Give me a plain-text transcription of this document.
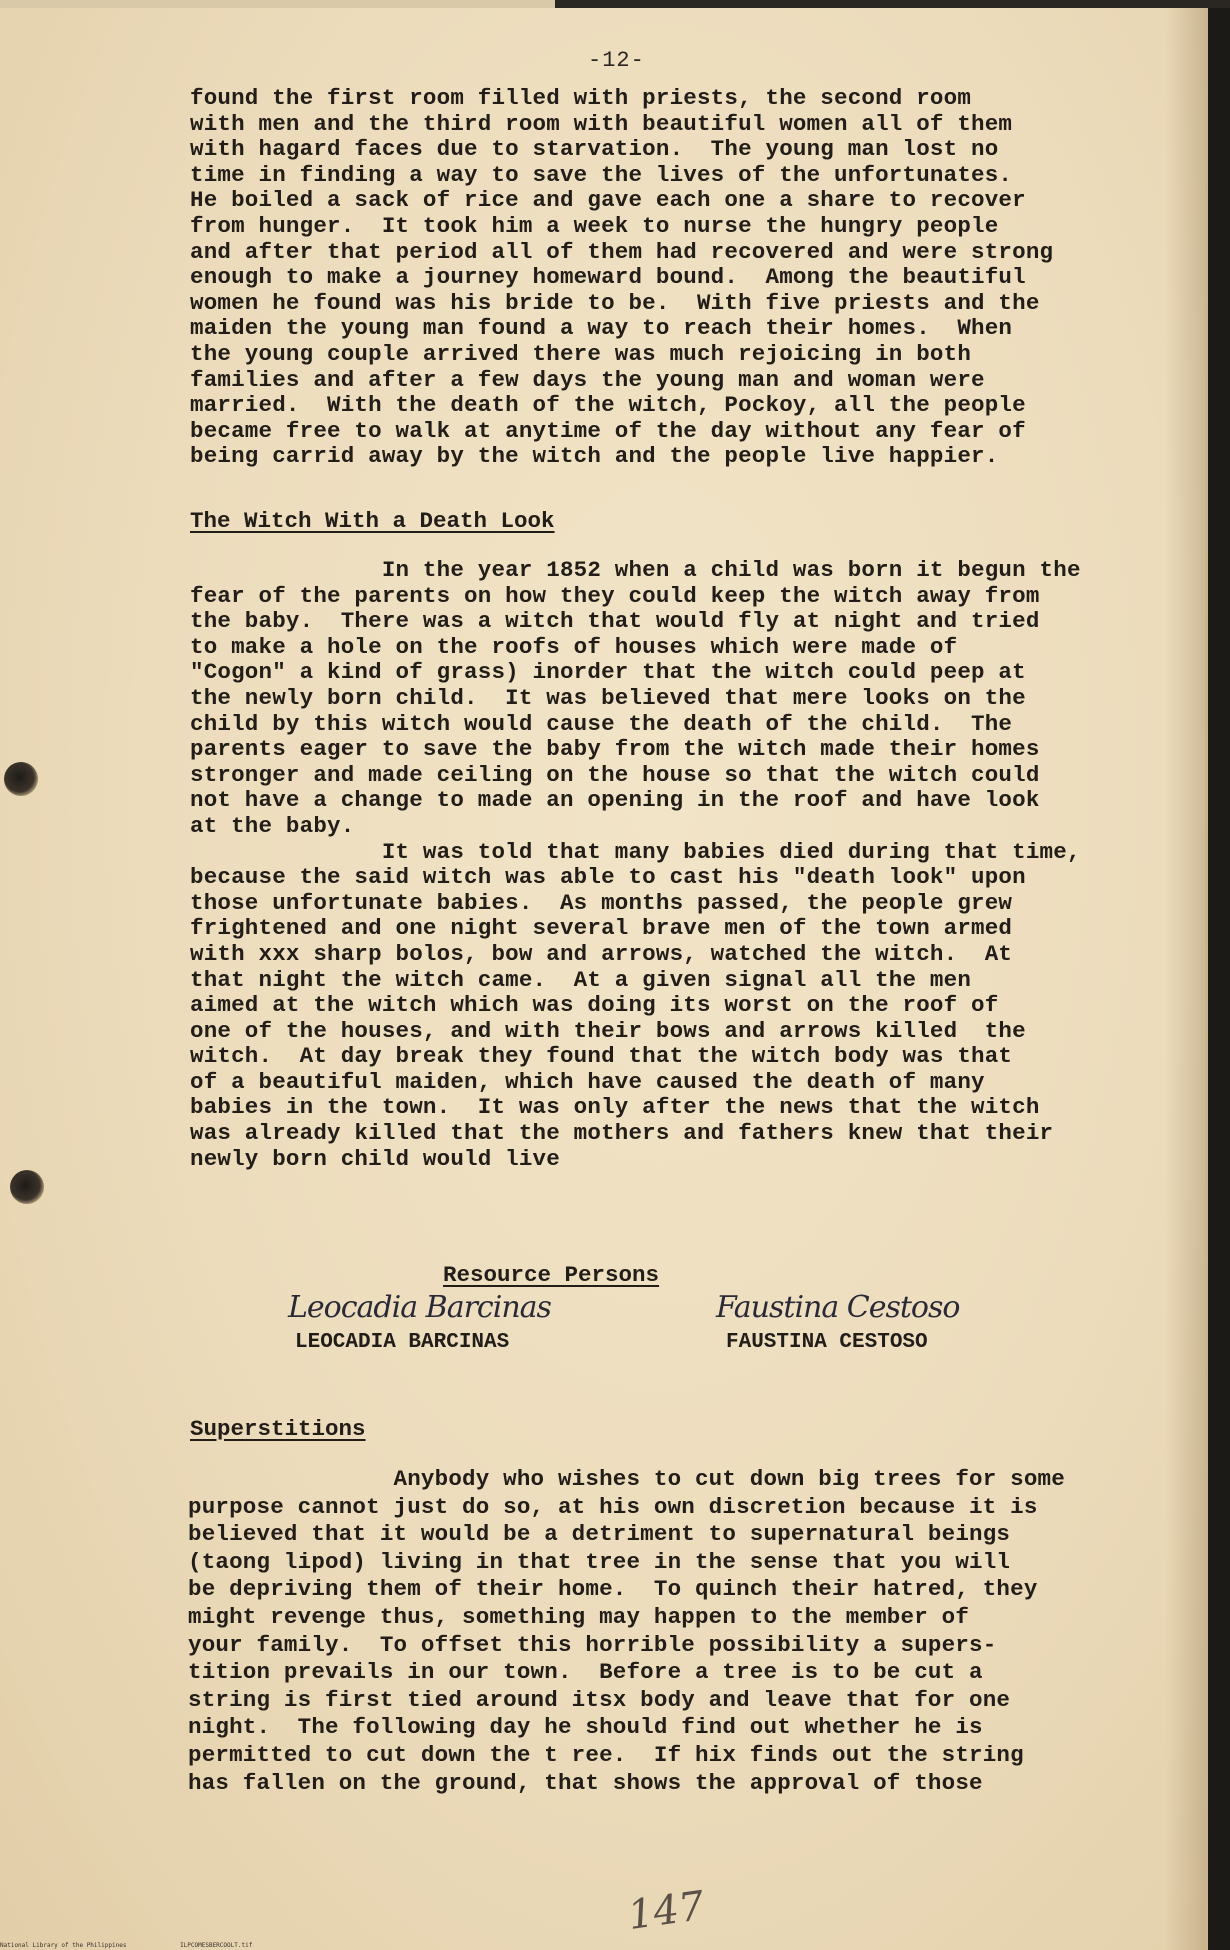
-12-
found the first room filled with priests, the second room
with men and the third room with beautiful women all of them
with hagard faces due to starvation.  The young man lost no
time in finding a way to save the lives of the unfortunates.
He boiled a sack of rice and gave each one a share to recover
from hunger.  It took him a week to nurse the hungry people
and after that period all of them had recovered and were strong
enough to make a journey homeward bound.  Among the beautiful
women he found was his bride to be.  With five priests and the
maiden the young man found a way to reach their homes.  When
the young couple arrived there was much rejoicing in both
families and after a few days the young man and woman were
married.  With the death of the witch, Pockoy, all the people
became free to walk at anytime of the day without any fear of
being carrid away by the witch and the people live happier.
The Witch With a Death Look
In the year 1852 when a child was born it begun the
fear of the parents on how they could keep the witch away from
the baby.  There was a witch that would fly at night and tried
to make a hole on the roofs of houses which were made of
"Cogon" a kind of grass) inorder that the witch could peep at
the newly born child.  It was believed that mere looks on the
child by this witch would cause the death of the child.  The
parents eager to save the baby from the witch made their homes
stronger and made ceiling on the house so that the witch could
not have a change to made an opening in the roof and have look
at the baby.
It was told that many babies died during that time,
because the said witch was able to cast his "death look" upon
those unfortunate babies.  As months passed, the people grew
frightened and one night several brave men of the town armed
with xxx sharp bolos, bow and arrows, watched the witch.  At
that night the witch came.  At a given signal all the men
aimed at the witch which was doing its worst on the roof of
one of the houses, and with their bows and arrows killed  the
witch.  At day break they found that the witch body was that
of a beautiful maiden, which have caused the death of many
babies in the town.  It was only after the news that the witch
was already killed that the mothers and fathers knew that their
newly born child would live
Resource Persons
Leocadia Barcinas
LEOCADIA BARCINAS
Faustina Cestoso
FAUSTINA CESTOSO
Superstitions
Anybody who wishes to cut down big trees for some
purpose cannot just do so, at his own discretion because it is
believed that it would be a detriment to supernatural beings
(taong lipod) living in that tree in the sense that you will
be depriving them of their home.  To quinch their hatred, they
might revenge thus, something may happen to the member of
your family.  To offset this horrible possibility a supers-
tition prevails in our town.  Before a tree is to be cut a
string is first tied around itsx body and leave that for one
night.  The following day he should find out whether he is
permitted to cut down the t ree.  If hix finds out the string
has fallen on the ground, that shows the approval of those
147
National Library of the Philippines	ILPCOMESBERCOOLT.tif
